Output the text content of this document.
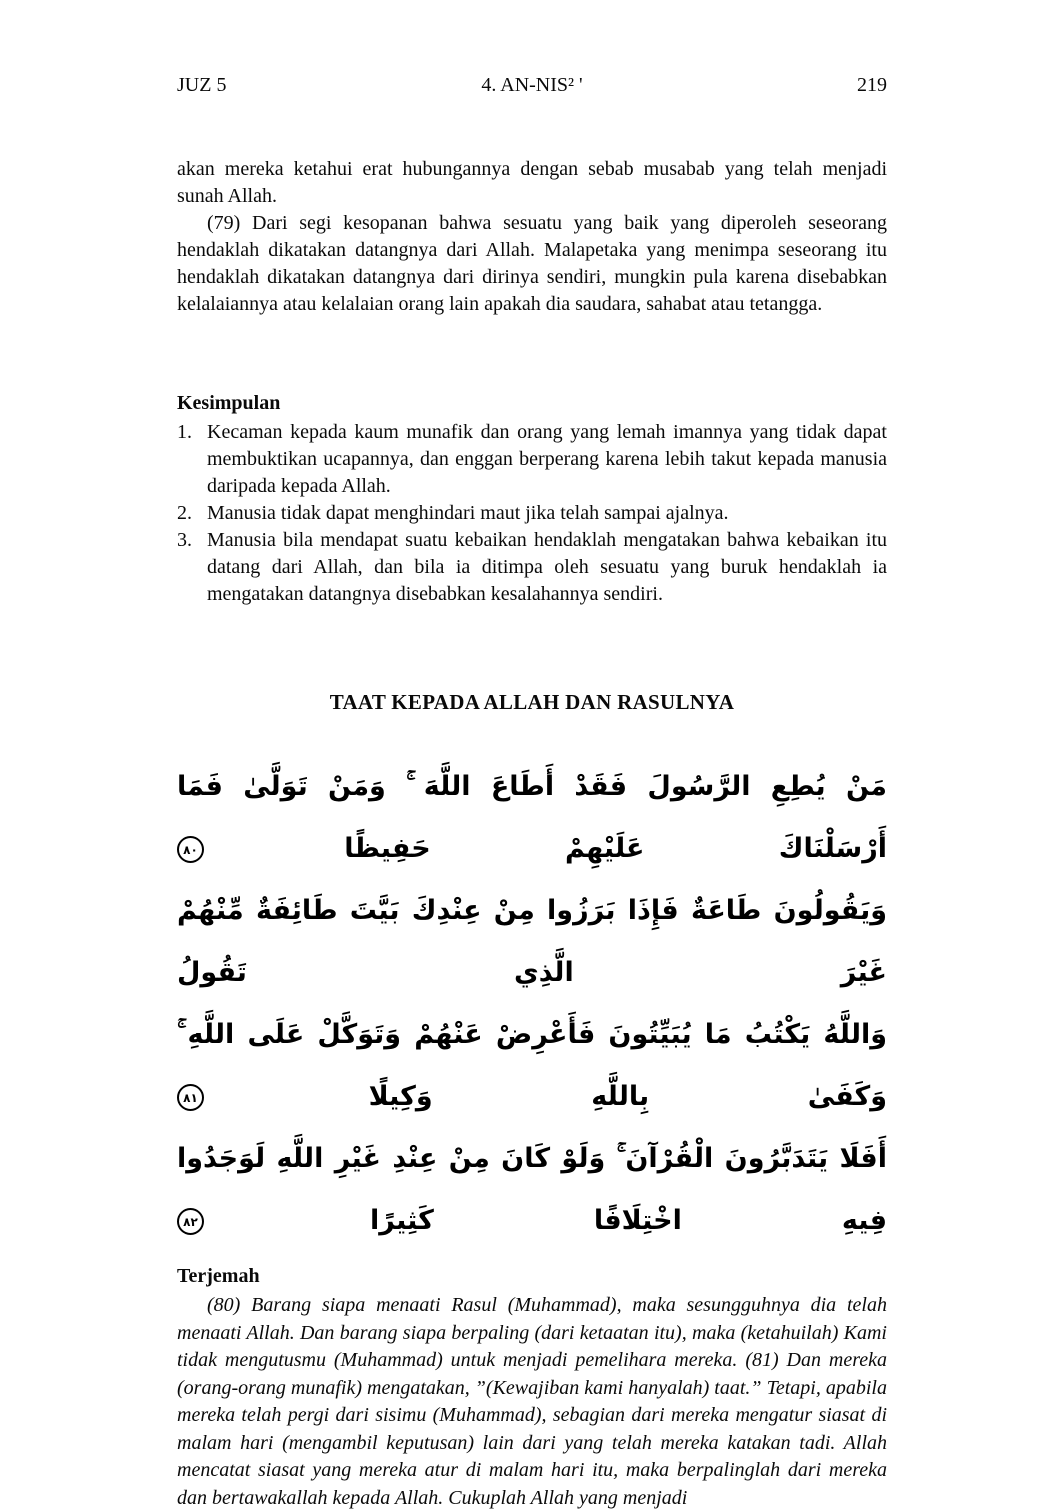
JUZ 5	4. AN-NIS² '	219

akan mereka ketahui erat hubungannya dengan sebab musabab yang telah menjadi sunah Allah.

(79) Dari segi kesopanan bahwa sesuatu yang baik yang diperoleh seseorang hendaklah dikatakan datangnya dari Allah. Malapetaka yang menimpa seseorang itu hendaklah dikatakan datangnya dari dirinya sendiri, mungkin pula karena disebabkan kelalaiannya atau kelalaian orang lain apakah dia saudara, sahabat atau tetangga.

Kesimpulan
1. Kecaman kepada kaum munafik dan orang yang lemah imannya yang tidak dapat membuktikan ucapannya, dan enggan berperang karena lebih takut kepada manusia daripada kepada Allah.
2. Manusia tidak dapat menghindari maut jika telah sampai ajalnya.
3. Manusia bila mendapat suatu kebaikan hendaklah mengatakan bahwa kebaikan itu datang dari Allah, dan bila ia ditimpa oleh sesuatu yang buruk hendaklah ia mengatakan datangnya disebabkan kesalahannya sendiri.
TAAT KEPADA ALLAH DAN RASULNYA
مَنْ يُطِعِ الرَّسُولَ فَقَدْ أَطَاعَ اللَّهَ ۚ وَمَنْ تَوَلَّىٰ فَمَا أَرْسَلْنَاكَ عَلَيْهِمْ حَفِيظًا ٨٠
وَيَقُولُونَ طَاعَةٌ فَإِذَا بَرَزُوا مِنْ عِنْدِكَ بَيَّتَ طَائِفَةٌ مِّنْهُمْ غَيْرَ الَّذِي تَقُولُ
وَاللَّهُ يَكْتُبُ مَا يُبَيِّتُونَ فَأَعْرِضْ عَنْهُمْ وَتَوَكَّلْ عَلَى اللَّهِ ۚ وَكَفَىٰ بِاللَّهِ وَكِيلًا ٨١
أَفَلَا يَتَدَبَّرُونَ الْقُرْآنَ ۚ وَلَوْ كَانَ مِنْ عِنْدِ غَيْرِ اللَّهِ لَوَجَدُوا فِيهِ اخْتِلَافًا كَثِيرًا ٨٢
Terjemah

(80) Barang siapa menaati Rasul (Muhammad), maka sesungguhnya dia telah menaati Allah. Dan barang siapa berpaling (dari ketaatan itu), maka (ketahuilah) Kami tidak mengutusmu (Muhammad) untuk menjadi pemelihara mereka. (81) Dan mereka (orang-orang munafik) mengatakan, ”(Kewajiban kami hanyalah) taat.” Tetapi, apabila mereka telah pergi dari sisimu (Muhammad), sebagian dari mereka mengatur siasat di malam hari (mengambil keputusan) lain dari yang telah mereka katakan tadi. Allah mencatat siasat yang mereka atur di malam hari itu, maka berpalinglah dari mereka dan bertawakallah kepada Allah. Cukuplah Allah yang menjadi
